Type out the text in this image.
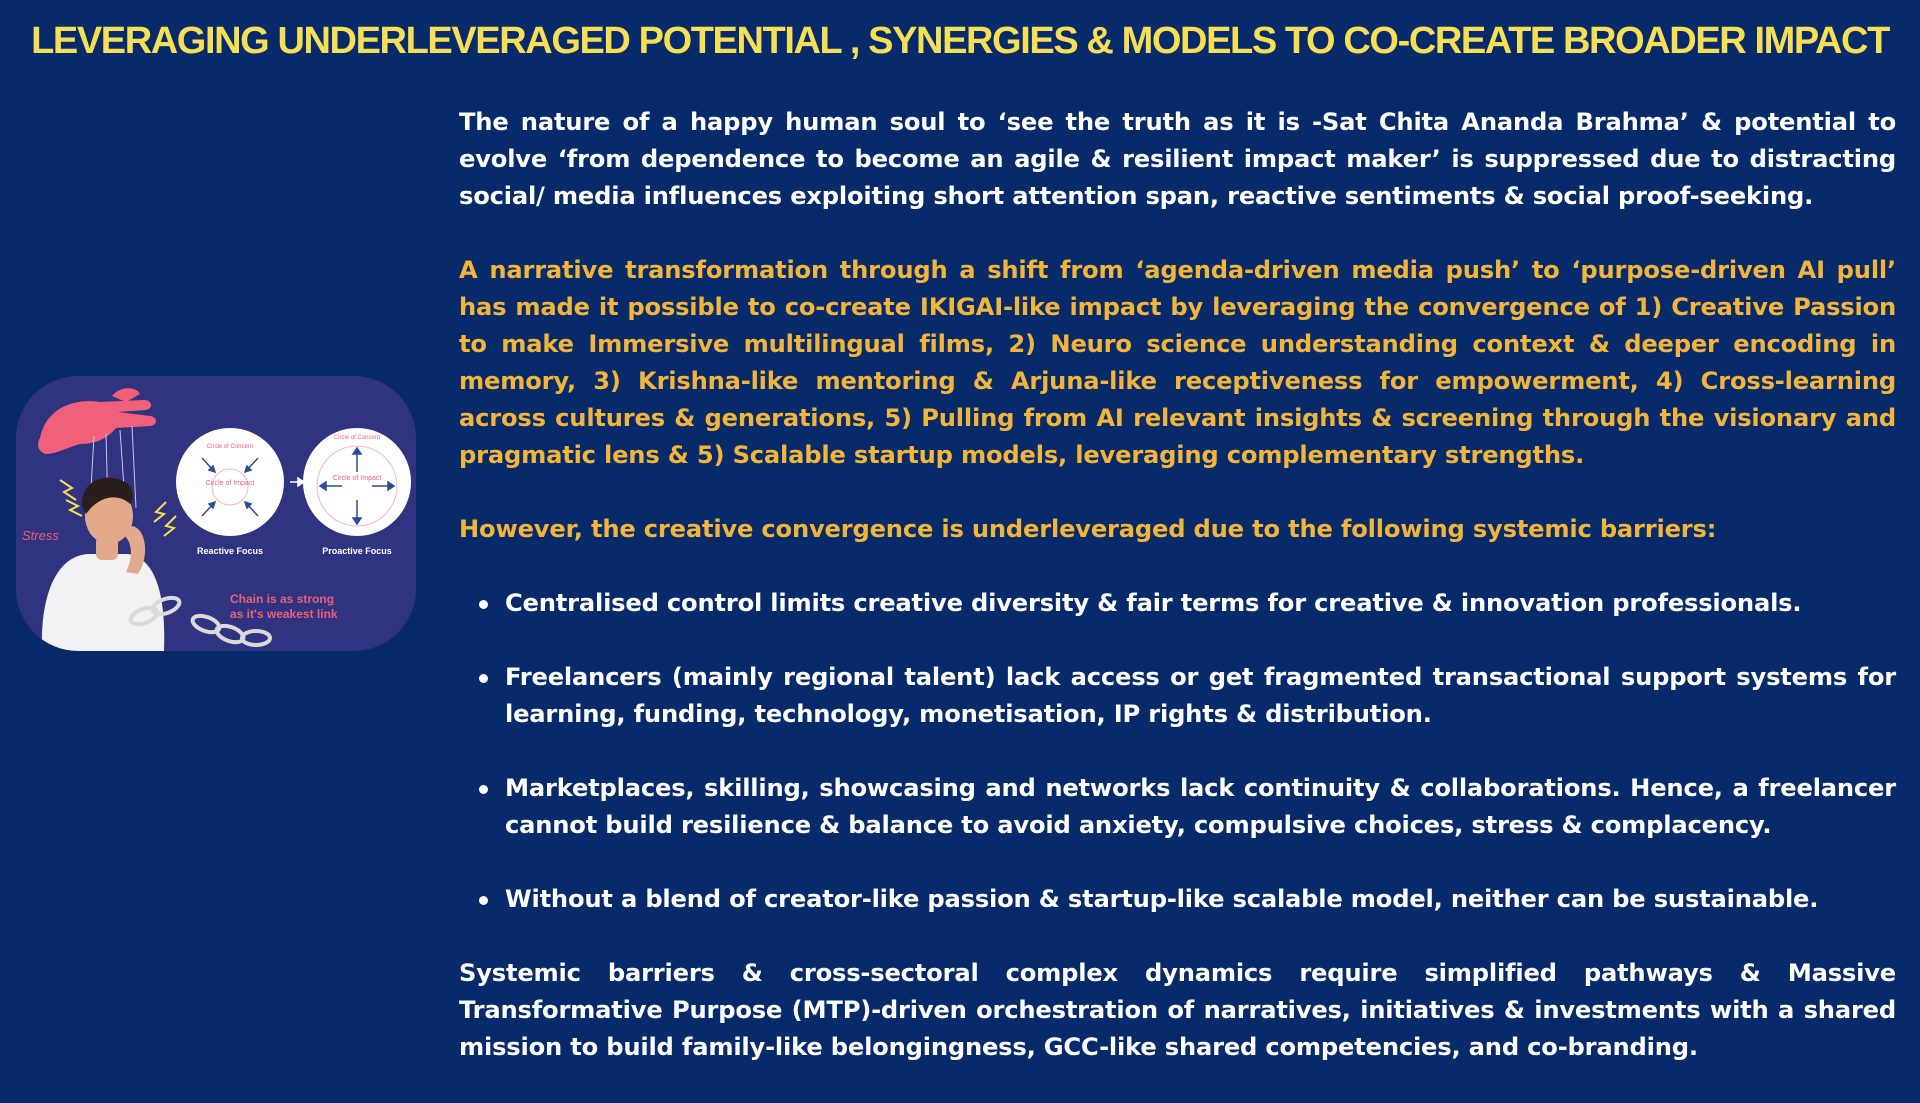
LEVERAGING UNDERLEVERAGED POTENTIAL , SYNERGIES & MODELS TO CO-CREATE BROADER IMPACT
Stress
Circle of Concern
Circle of Impact
Reactive Focus
Circle of Concern
Circle of Impact
Proactive Focus
Chain is as strong
as it's weakest link

The nature of a happy human soul to ‘see the truth as it is -Sat Chita Ananda Brahma’ & potential to evolve ‘from dependence to become an agile & resilient impact maker’ is suppressed due to distracting social/ media influences exploiting short attention span, reactive sentiments & social proof-seeking.

A narrative transformation through a shift from ‘agenda-driven media push’ to ‘purpose-driven AI pull’ has made it possible to co-create IKIGAI-like impact by leveraging the convergence of 1) Creative Passion to make Immersive multilingual films, 2) Neuro science understanding context & deeper encoding in memory, 3) Krishna-like mentoring & Arjuna-like receptiveness for empowerment, 4) Cross-learning across cultures & generations, 5) Pulling from AI relevant insights & screening through the visionary and pragmatic lens & 5) Scalable startup models, leveraging complementary strengths.

However, the creative convergence is underleveraged due to the following systemic barriers:

Centralised control limits creative diversity & fair terms for creative & innovation professionals.
Freelancers (mainly regional talent) lack access or get fragmented transactional support systems for learning, funding, technology, monetisation, IP rights & distribution.
Marketplaces, skilling, showcasing and networks lack continuity & collaborations. Hence, a freelancer cannot build resilience & balance to avoid anxiety, compulsive choices, stress & complacency.
Without a blend of creator-like passion & startup-like scalable model, neither can be sustainable.

Systemic barriers & cross-sectoral complex dynamics require simplified pathways & Massive Transformative Purpose (MTP)-driven orchestration of narratives, initiatives & investments with a shared mission to build family-like belongingness, GCC-like shared competencies, and co-branding.
